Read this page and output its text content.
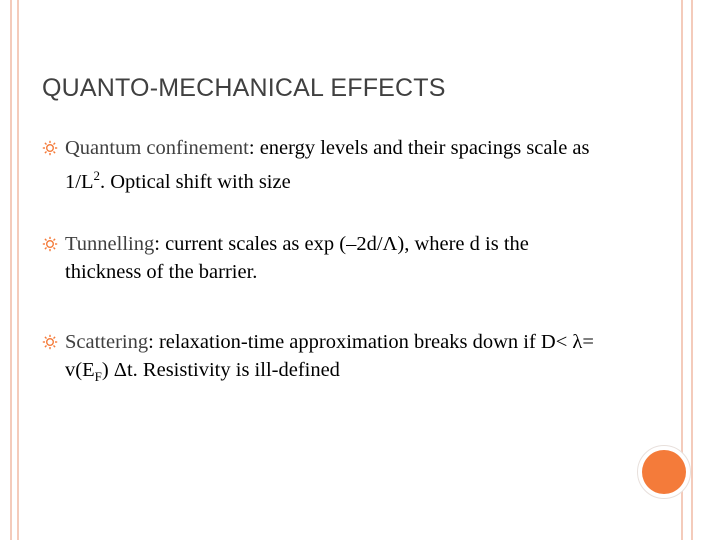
QUANTO-MECHANICAL EFFECTS
Quantum confinement: energy levels and their spacings scale as
$1/L^2$. Optical shift with size
Tunnelling: current scales as exp (–2d/Λ), where d is the
thickness of the barrier.
Scattering: relaxation-time approximation breaks down if D< λ=
$v(E_F)$ Δt. Resistivity is ill-defined
